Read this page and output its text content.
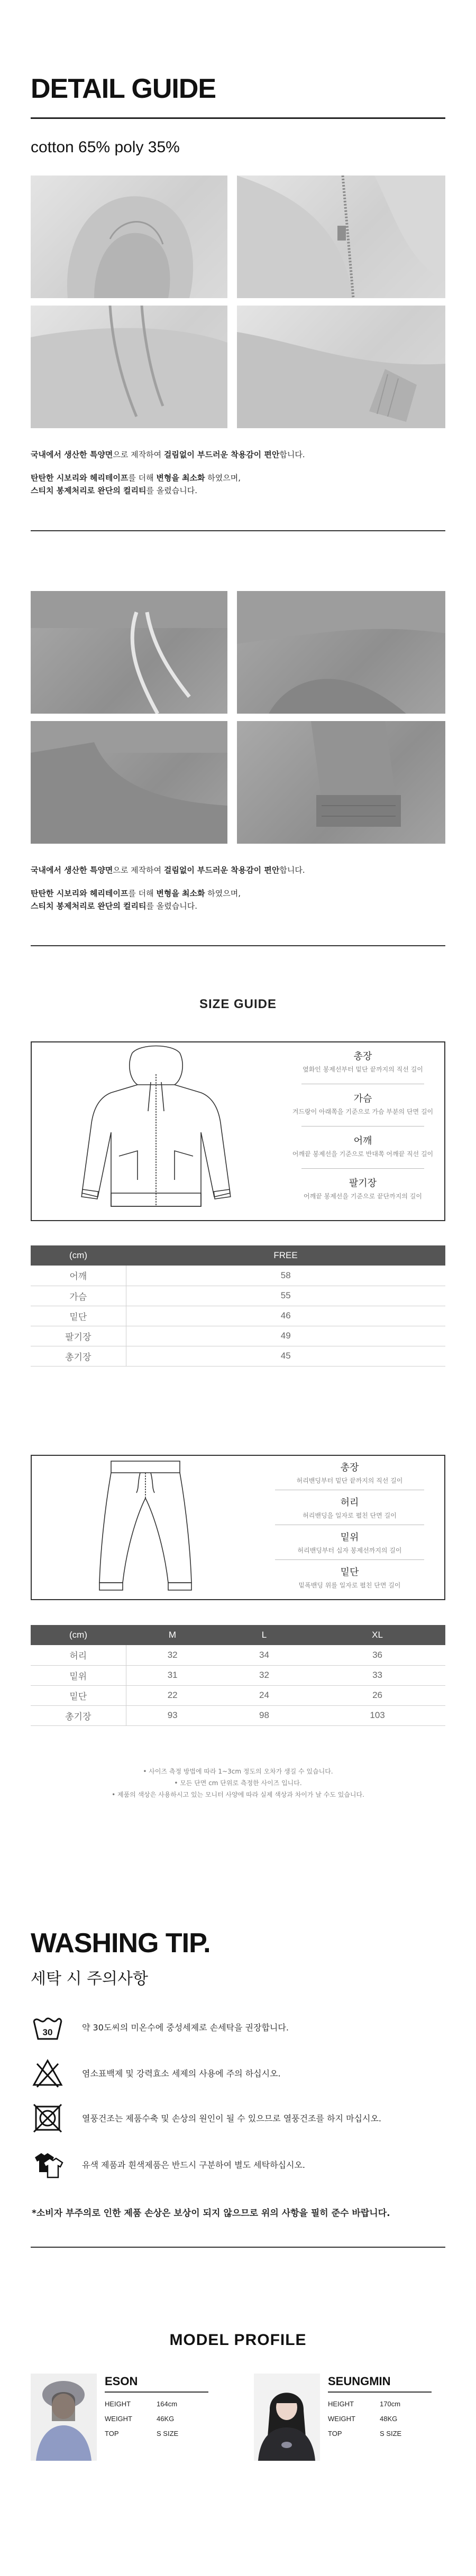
DETAIL GUIDE
cotton 65% poly 35%
국내에서 생산한 특양면으로 제작하여 걸림없이 부드러운 착용감이 편안합니다.
탄탄한 시보리와 헤리테이프를 더해 변형을 최소화 하였으며,
스티치 봉제처리로 완단의 컬리티를 올렸습니다.
국내에서 생산한 특양면으로 제작하여 걸림없이 부드러운 착용감이 편안합니다.
탄탄한 시보리와 헤리테이프를 더해 변형을 최소화 하였으며,
스티치 봉제처리로 완단의 컬리티를 올렸습니다.
SIZE GUIDE
총장
옆화인 봉제선부터 밑단 끝까지의 직선 길이
가슴
겨드랑이 아래쪽을 기준으로 가슴 부분의 단면 길이
어깨
어깨끝 봉제선을 기준으로 반대쪽 어깨끝 직선 길이
팔기장
어깨끝 봉제선을 기준으로 끝단까지의 길이
(cm)	FREE
어깨	58
가슴	55
밑단	46
팔기장	49
총기장	45
총장
허리밴딩부터 밑단 끝까지의 직선 길이
허리
허리밴딩을 일자로 펼친 단면 길이
밑위
허리밴딩부터 십자 봉제선까지의 길이
밑단
밑폭밴딩 위를 일자로 펼친 단면 길이
(cm)	M	L	XL
허리	32	34	36
밑위	31	32	33
밑단	22	24	26
총기장	93	98	103
• 사이즈 측정 방법에 따라 1~3cm 정도의 오차가 생길 수 있습니다.
• 모든 단면 cm 단위로 측정한 사이즈 입니다.
• 제품의 색상은 사용하시고 있는 모니터 사양에 따라 실제 색상과 차이가 날 수도 있습니다.
WASHING TIP.
세탁 시 주의사항
30	약 30도씨의 미온수에 중성세제로 손세탁을 권장합니다.
염소표백제 및 강력효소 세제의 사용에 주의 하십시오.
열풍건조는 제품수축 및 손상의 원인이 될 수 있으므로 열풍건조를 하지 마십시오.
유색 제품과 흰색제품은 반드시 구분하여 별도 세탁하십시오.
*소비자 부주의로 인한 제품 손상은 보상이 되지 않으므로 위의 사항을 필히 준수 바랍니다.
MODEL PROFILE
ESON
HEIGHT	164cm
WEIGHT	46KG
TOP	S SIZE
SEUNGMIN
HEIGHT	170cm
WEIGHT	48KG
TOP	S SIZE
